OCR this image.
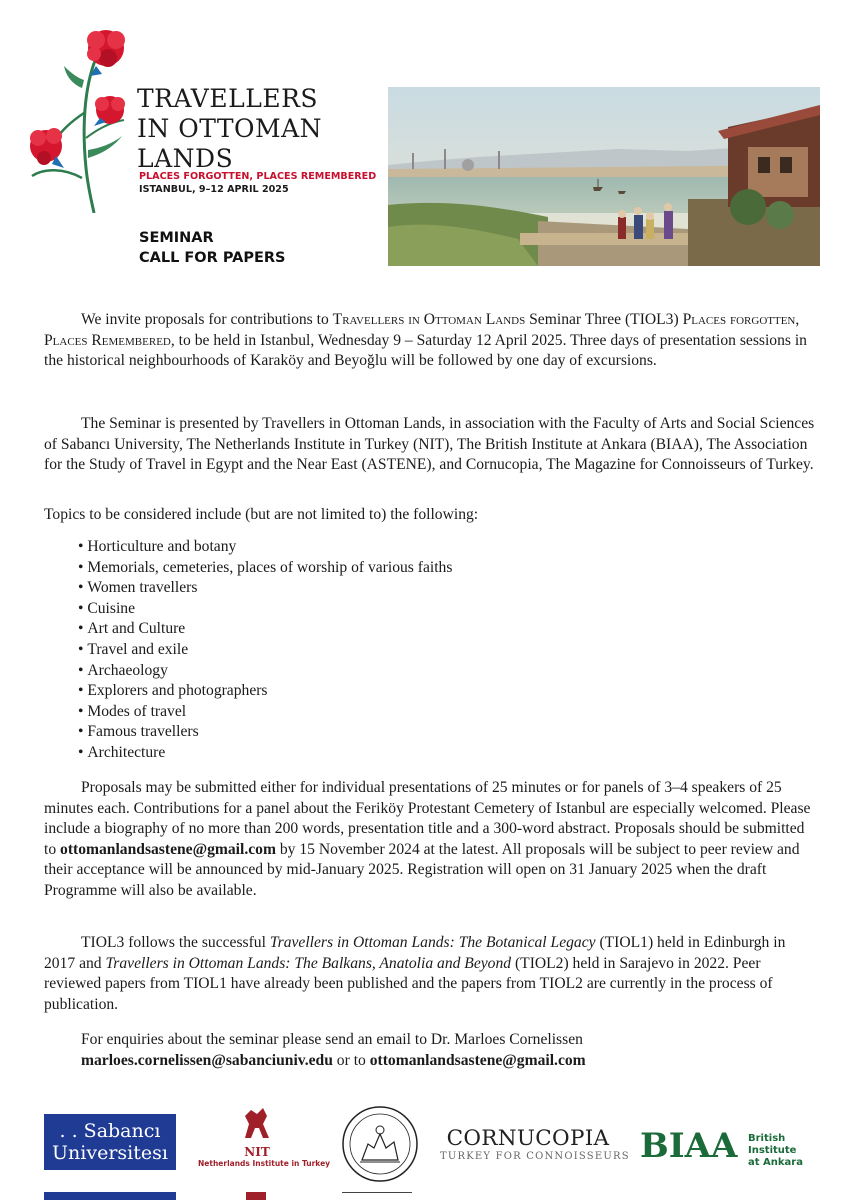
TRAVELLERS
IN OTTOMAN
LANDS
PLACES FORGOTTEN, PLACES REMEMBERED
ISTANBUL, 9–12 APRIL 2025
SEMINAR
CALL FOR PAPERS

We invite proposals for contributions to Travellers in Ottoman Lands Seminar Three (TIOL3) Places forgotten, Places Remembered, to be held in Istanbul, Wednesday 9 – Saturday 12 April 2025. Three days of presentation sessions in the historical neighbourhoods of Karaköy and Beyoğlu will be followed by one day of excursions.

The Seminar is presented by Travellers in Ottoman Lands, in association with the Faculty of Arts and Social Sciences of Sabancı University, The Netherlands Institute in Turkey (NIT), The British Institute at Ankara (BIAA), The Association for the Study of Travel in Egypt and the Near East (ASTENE), and Cornucopia, The Magazine for Connoisseurs of Turkey.

Topics to be considered include (but are not limited to) the following:

• Horticulture and botany
• Memorials, cemeteries, places of worship of various faiths
• Women travellers
• Cuisine
• Art and Culture
• Travel and exile
• Archaeology
• Explorers and photographers
• Modes of travel
• Famous travellers
• Architecture

Proposals may be submitted either for individual presentations of 25 minutes or for panels of 3–4 speakers of 25 minutes each. Contributions for a panel about the Feriköy Protestant Cemetery of Istanbul are especially welcomed. Please include a biography of no more than 200 words, presentation title and a 300-word abstract. Proposals should be submitted to ottomanlandsastene@gmail.com by 15 November 2024 at the latest. All proposals will be subject to peer review and their acceptance will be announced by mid-January 2025. Registration will open on 31 January 2025 when the draft Programme will also be available.

TIOL3 follows the successful Travellers in Ottoman Lands: The Botanical Legacy (TIOL1) held in Edinburgh in 2017 and Travellers in Ottoman Lands: The Balkans, Anatolia and Beyond (TIOL2) held in Sarajevo in 2022. Peer reviewed papers from TIOL1 have already been published and the papers from TIOL2 are currently in the process of publication.

For enquiries about the seminar please send an email to Dr. Marloes Cornelissen

marloes.cornelissen@sabanciuniv.edu or to ottomanlandsastene@gmail.com

. . Sabancı
Universitesı	NIT
Netherlands Institute in Turkey
CORNUCOPIA
TURKEY FOR CONNOISSEURS BIAA British
Institute
at Ankara
